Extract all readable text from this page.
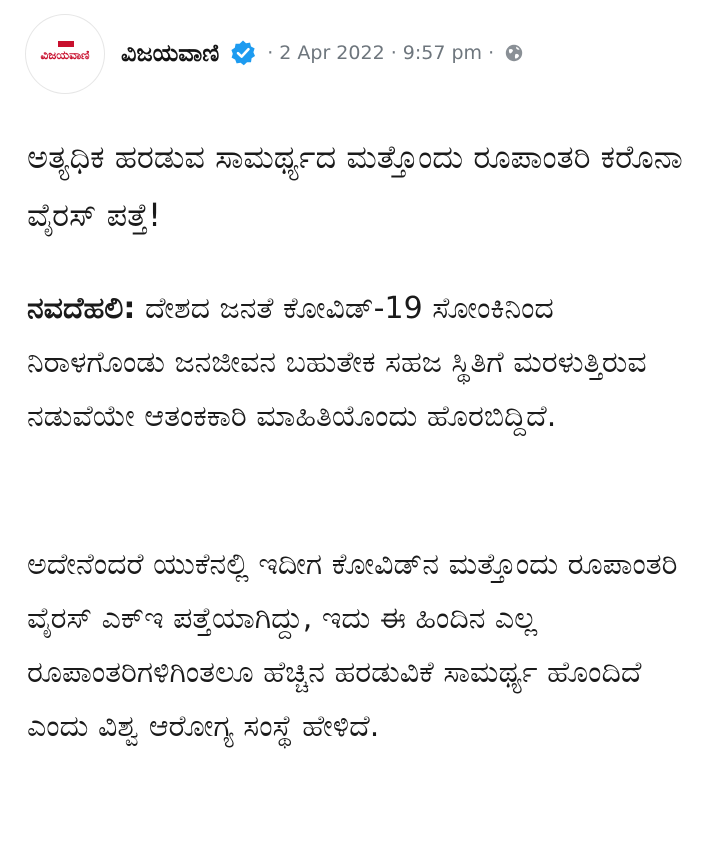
ವಿಜಯವಾಣಿ	ವಿಜಯವಾಣಿ	· 2 Apr 2022 · 9:57 pm ·
ಅತ್ಯಧಿಕ ಹರಡುವ ಸಾಮರ್ಥ್ಯದ ಮತ್ತೊಂದು ರೂಪಾಂತರಿ ಕರೊನಾ ವೈರಸ್ ಪತ್ತೆ!

ನವದೆಹಲಿ: ದೇಶದ ಜನತೆ ಕೋವಿಡ್-19 ಸೋಂಕಿನಿಂದ ನಿರಾಳಗೊಂಡು ಜನಜೀವನ ಬಹುತೇಕ ಸಹಜ ಸ್ಥಿತಿಗೆ ಮರಳುತ್ತಿರುವ ನಡುವೆಯೇ ಆತಂಕಕಾರಿ ಮಾಹಿತಿಯೊಂದು ಹೊರಬಿದ್ದಿದೆ.

ಅದೇನೆಂದರೆ ಯುಕೆನಲ್ಲಿ ಇದೀಗ ಕೋವಿಡ್‌ನ ಮತ್ತೊಂದು ರೂಪಾಂತರಿ ವೈರಸ್ ಎಕ್‌ಇ ಪತ್ತೆಯಾಗಿದ್ದು, ಇದು ಈ ಹಿಂದಿನ ಎಲ್ಲ ರೂಪಾಂತರಿಗಳಿಗಿಂತಲೂ ಹೆಚ್ಚಿನ ಹರಡುವಿಕೆ ಸಾಮರ್ಥ್ಯ ಹೊಂದಿದೆ ಎಂದು ವಿಶ್ವ ಆರೋಗ್ಯ ಸಂಸ್ಥೆ ಹೇಳಿದೆ.
